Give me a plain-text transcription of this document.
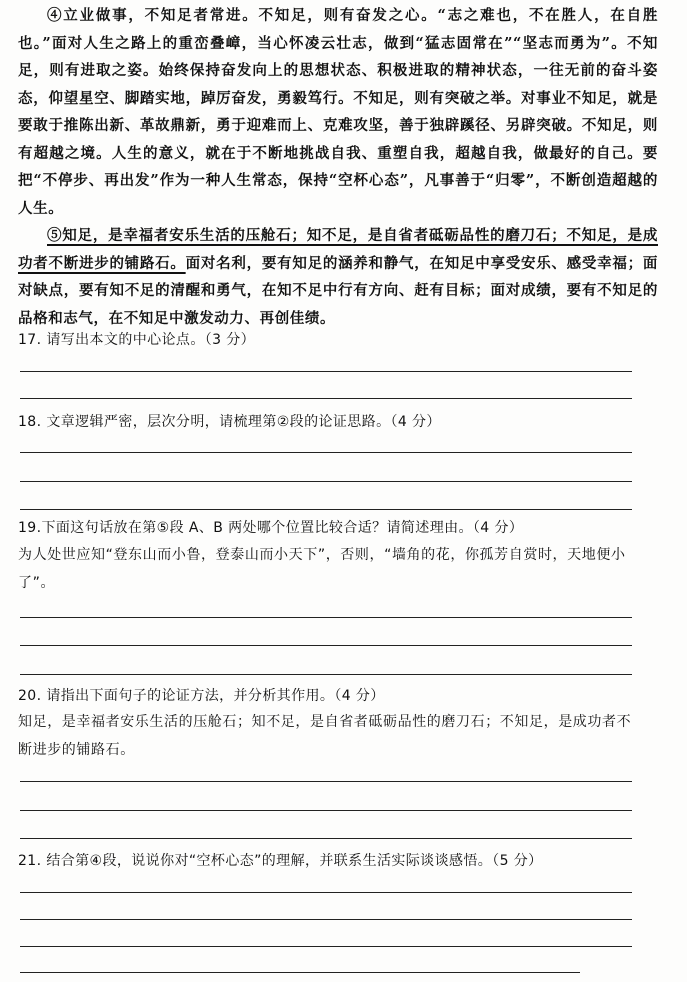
④立业做事，不知足者常进。不知足，则有奋发之心。“志之难也，不在胜人，在自胜也。”面对人生之路上的重峦叠嶂，当心怀凌云壮志，做到“猛志固常在”“坚志而勇为”。不知足，则有进取之姿。始终保持奋发向上的思想状态、积极进取的精神状态，一往无前的奋斗姿态，仰望星空、脚踏实地，踔厉奋发，勇毅笃行。不知足，则有突破之举。对事业不知足，就是要敢于推陈出新、革故鼎新，勇于迎难而上、克难攻坚，善于独辟蹊径、另辟突破。不知足，则有超越之境。人生的意义，就在于不断地挑战自我、重塑自我，超越自我，做最好的自己。要把“不停步、再出发”作为一种人生常态，保持“空杯心态”，凡事善于“归零”，不断创造超越的人生。

⑤知足，是幸福者安乐生活的压舱石；知不足，是自省者砥砺品性的磨刀石；不知足，是成功者不断进步的铺路石。面对名利，要有知足的涵养和静气，在知足中享受安乐、感受幸福；面对缺点，要有知不足的清醒和勇气，在知不足中行有方向、赶有目标；面对成绩，要有不知足的品格和志气，在不知足中激发动力、再创佳绩。

17. 请写出本文的中心论点。（3 分）

18. 文章逻辑严密，层次分明，请梳理第②段的论证思路。（4 分）

19.下面这句话放在第⑤段 A、B 两处哪个位置比较合适？请简述理由。（4 分）

为人处世应知“登东山而小鲁，登泰山而小天下”，否则，“墙角的花，你孤芳自赏时，天地便小了”。

20. 请指出下面句子的论证方法，并分析其作用。（4 分）

知足，是幸福者安乐生活的压舱石；知不足，是自省者砥砺品性的磨刀石；不知足，是成功者不断进步的铺路石。

21. 结合第④段，说说你对“空杯心态”的理解，并联系生活实际谈谈感悟。（5 分）
